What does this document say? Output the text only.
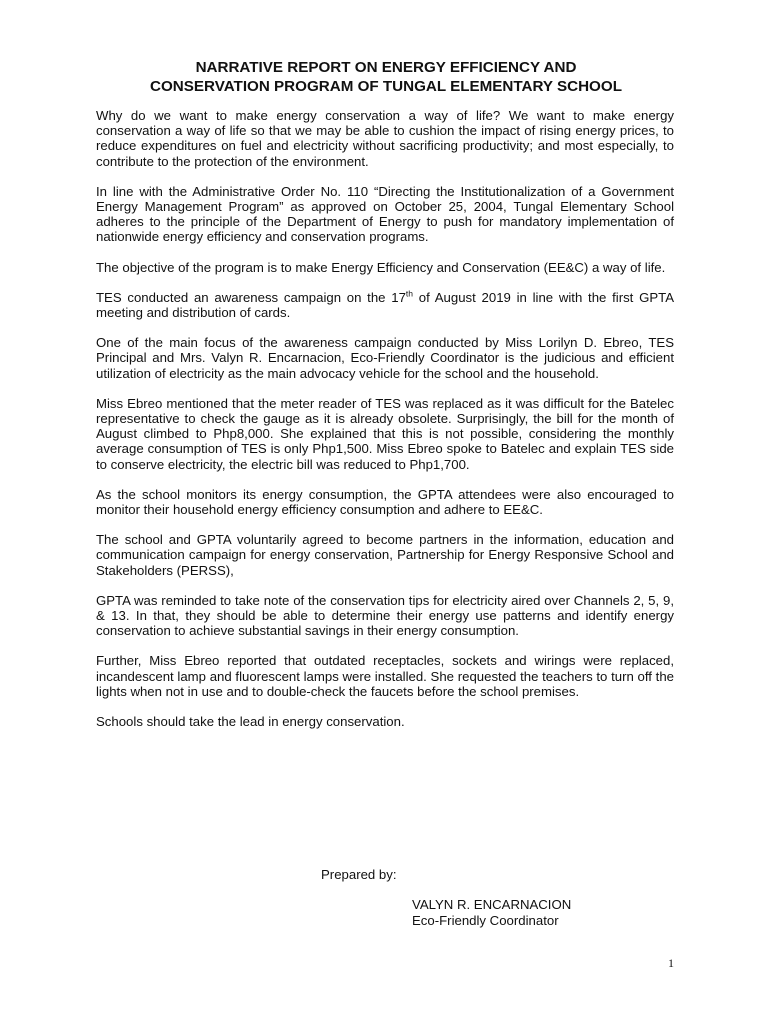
NARRATIVE REPORT ON ENERGY EFFICIENCY AND
CONSERVATION PROGRAM OF TUNGAL ELEMENTARY SCHOOL

Why do we want to make energy conservation a way of life? We want to make energy conservation a way of life so that we may be able to cushion the impact of rising energy prices, to reduce expenditures on fuel and electricity without sacrificing productivity; and most especially, to contribute to the protection of the environment.

In line with the Administrative Order No. 110 “Directing the Institutionalization of a Government Energy Management Program” as approved on October 25, 2004, Tungal Elementary School adheres to the principle of the Department of Energy to push for mandatory implementation of nationwide energy efficiency and conservation programs.

The objective of the program is to make Energy Efficiency and Conservation (EE&C) a way of life.

TES conducted an awareness campaign on the 17th of August 2019 in line with the first GPTA meeting and distribution of cards.

One of the main focus of the awareness campaign conducted by Miss Lorilyn D. Ebreo, TES Principal and Mrs. Valyn R. Encarnacion, Eco-Friendly Coordinator is the judicious and efficient utilization of electricity as the main advocacy vehicle for the school and the household.

Miss Ebreo mentioned that the meter reader of TES was replaced as it was difficult for the Batelec representative to check the gauge as it is already obsolete. Surprisingly, the bill for the month of August climbed to Php8,000. She explained that this is not possible, considering the monthly average consumption of TES is only Php1,500. Miss Ebreo spoke to Batelec and explain TES side to conserve electricity, the electric bill was reduced to Php1,700.

As the school monitors its energy consumption, the GPTA attendees were also encouraged to monitor their household energy efficiency consumption and adhere to EE&C.

The school and GPTA voluntarily agreed to become partners in the information, education and communication campaign for energy conservation, Partnership for Energy Responsive School and Stakeholders (PERSS),

GPTA was reminded to take note of the conservation tips for electricity aired over Channels 2, 5, 9, & 13. In that, they should be able to determine their energy use patterns and identify energy conservation to achieve substantial savings in their energy consumption.

Further, Miss Ebreo reported that outdated receptacles, sockets and wirings were replaced, incandescent lamp and fluorescent lamps were installed. She requested the teachers to turn off the lights when not in use and to double-check the faucets before the school premises.

Schools should take the lead in energy conservation.

Prepared by:
VALYN R. ENCARNACION
Eco-Friendly Coordinator
1
